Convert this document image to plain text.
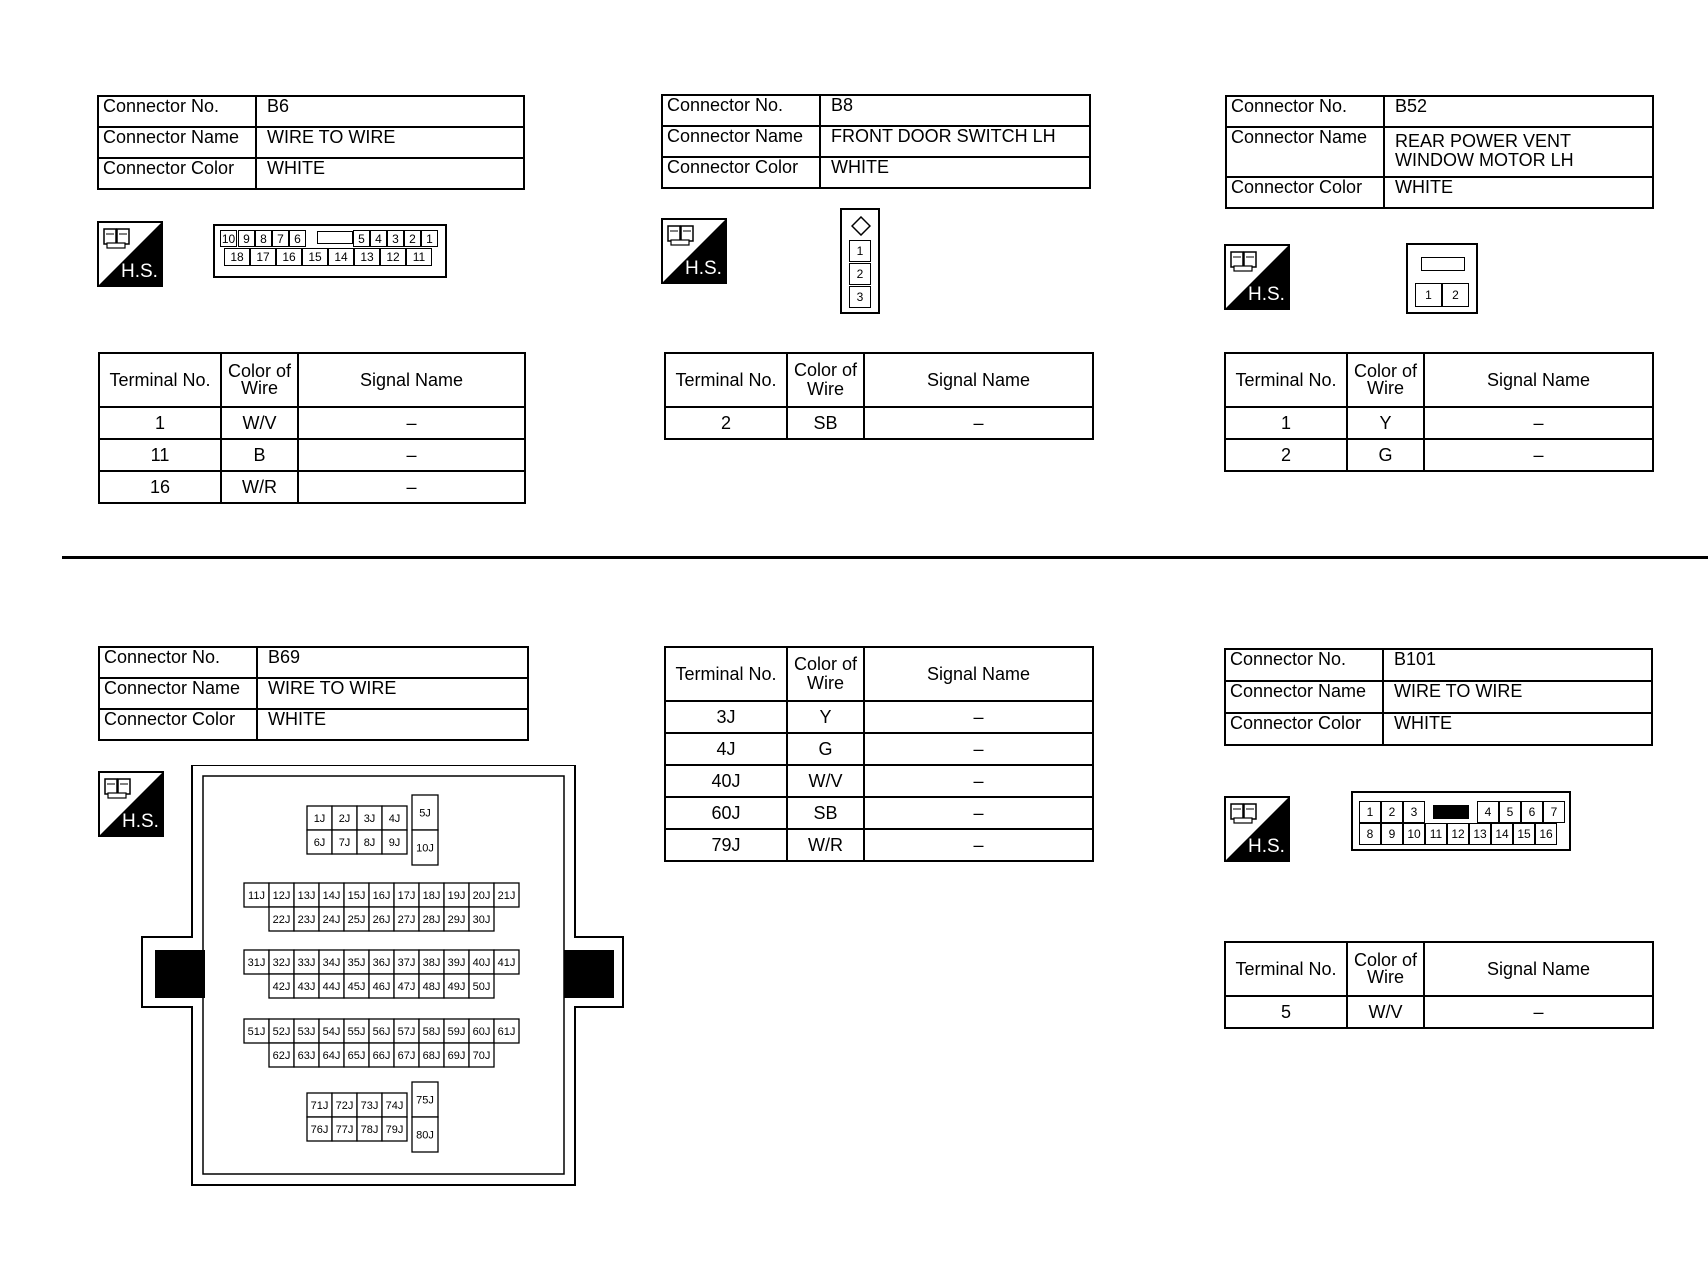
Connector No.	B6
Connector Name	WIRE TO WIRE
Connector Color	WHITE
H.S.
10 9 8 7 6	5 4 3 2 1
18	17	16	15	14	13	12	11
Terminal No.	Color of Wire	Signal Name
1	W/V	–
11	B	–
16	W/R	–
Connector No.	B8
Connector Name	FRONT DOOR SWITCH LH
Connector Color	WHITE
H.S.
1
2
3
Terminal No.	Color of Wire	Signal Name
2	SB	–
Connector No.	B52
Connector Name	REAR POWER VENT WINDOW MOTOR LH
Connector Color	WHITE
H.S.	1	2
Terminal No.	Color of Wire	Signal Name
1	Y	–
2	G	–
Connector No.	B69
Connector Name	WIRE TO WIRE
Connector Color	WHITE
H.S.	1J 2J 3J 4J 5J
6J 7J 8J 9J 10J
11J 12J 13J 14J 15J 16J 17J 18J 19J 20J 21J
22J 23J 24J 25J 26J 27J 28J 29J 30J
31J 32J 33J 34J 35J 36J 37J 38J 39J 40J 41J
42J 43J 44J 45J 46J 47J 48J 49J 50J
51J 52J 53J 54J 55J 56J 57J 58J 59J 60J 61J
62J 63J 64J 65J 66J 67J 68J 69J 70J
71J 72J 73J 74J 75J
76J 77J 78J 79J 80J
Terminal No.	Color of Wire	Signal Name
3J	Y	–
4J	G	–
40J	W/V	–
60J	SB	–
79J	W/R	–
Connector No.	B101
Connector Name	WIRE TO WIRE
Connector Color	WHITE
H.S.
1	2	3	4	5	6	7
8	9 10 11 12 13 14 15 16
Terminal No.	Color of Wire	Signal Name
5	W/V	–
